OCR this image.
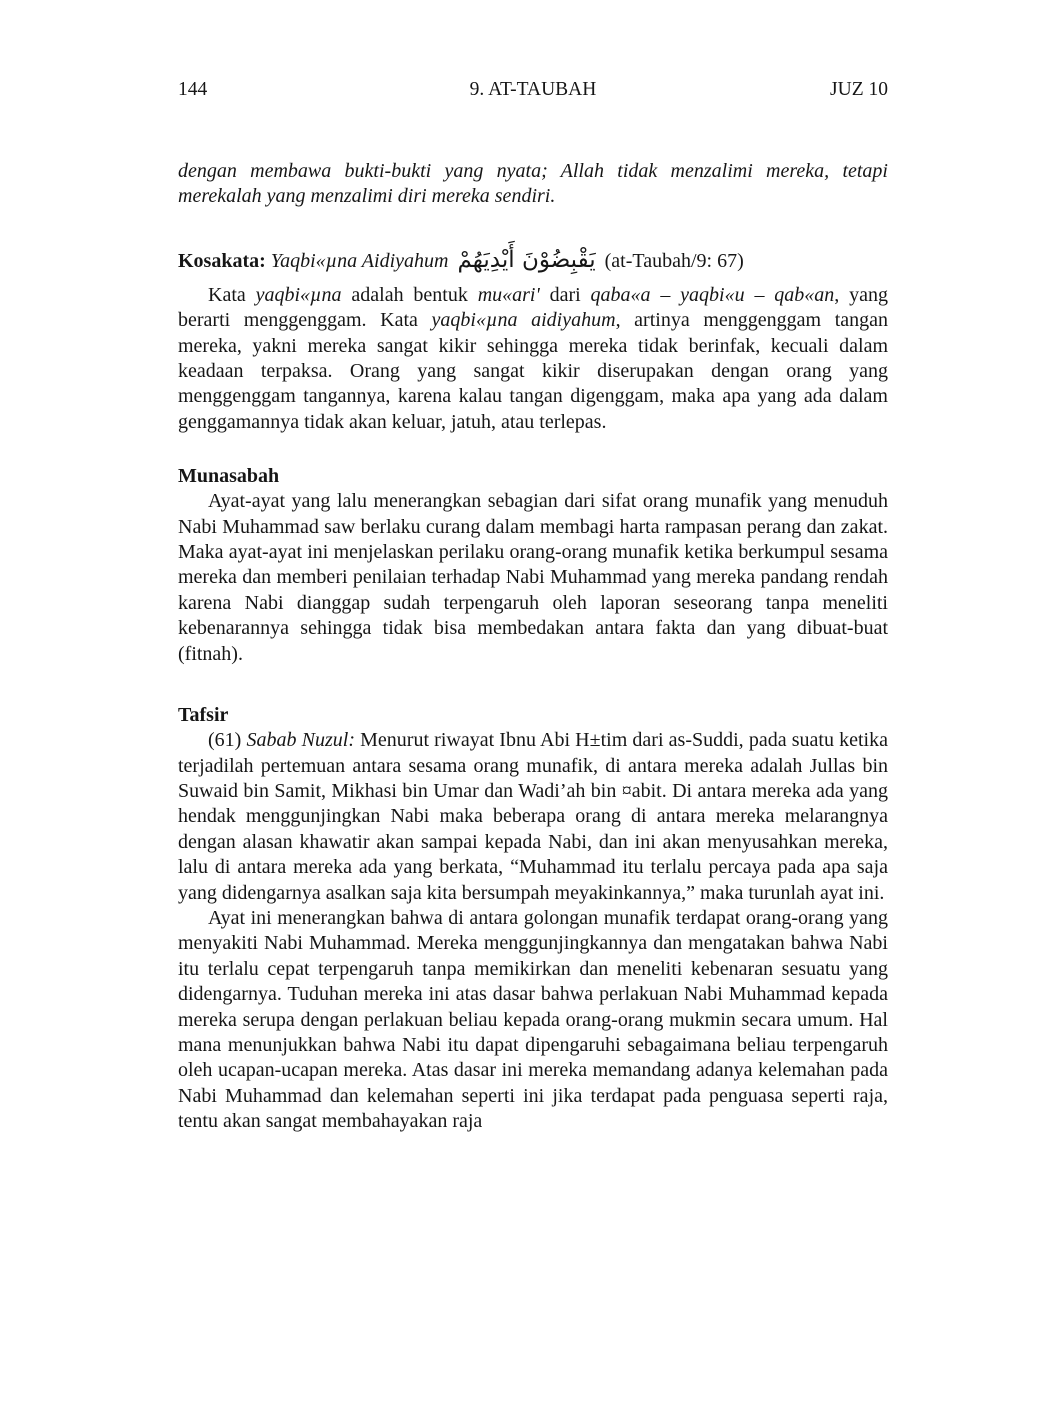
144	9. AT-TAUBAH	JUZ 10

dengan membawa bukti-bukti yang nyata; Allah tidak menzalimi mereka, tetapi merekalah yang menzalimi diri mereka sendiri.

Kosakata: Yaqbi«µna Aidiyahum يَقْبِضُوْنَ أَيْدِيَهُمْ (at-Taubah/9: 67)

Kata yaqbi«µna adalah bentuk mu«ari' dari qaba«a – yaqbi«u – qab«an, yang berarti menggenggam. Kata yaqbi«µna aidiyahum, artinya menggenggam tangan mereka, yakni mereka sangat kikir sehingga mereka tidak berinfak, kecuali dalam keadaan terpaksa. Orang yang sangat kikir diserupakan dengan orang yang menggenggam tangannya, karena kalau tangan digenggam, maka apa yang ada dalam genggamannya tidak akan keluar, jatuh, atau terlepas.

Munasabah

Ayat-ayat yang lalu menerangkan sebagian dari sifat orang munafik yang menuduh Nabi Muhammad saw berlaku curang dalam membagi harta rampasan perang dan zakat. Maka ayat-ayat ini menjelaskan perilaku orang-orang munafik ketika berkumpul sesama mereka dan memberi penilaian terhadap Nabi Muhammad yang mereka pandang rendah karena Nabi dianggap sudah terpengaruh oleh laporan seseorang tanpa meneliti kebenarannya sehingga tidak bisa membedakan antara fakta dan yang dibuat-buat (fitnah).

Tafsir

(61) Sabab Nuzul: Menurut riwayat Ibnu Abi H±tim dari as-Suddi, pada suatu ketika terjadilah pertemuan antara sesama orang munafik, di antara mereka adalah Jullas bin Suwaid bin Samit, Mikhasi bin Umar dan Wadi’ah bin ¤abit. Di antara mereka ada yang hendak menggunjingkan Nabi maka beberapa orang di antara mereka melarangnya dengan alasan khawatir akan sampai kepada Nabi, dan ini akan menyusahkan mereka, lalu di antara mereka ada yang berkata, “Muhammad itu terlalu percaya pada apa saja yang didengarnya asalkan saja kita bersumpah meyakinkannya,” maka turunlah ayat ini.

Ayat ini menerangkan bahwa di antara golongan munafik terdapat orang-orang yang menyakiti Nabi Muhammad. Mereka menggunjingkannya dan mengatakan bahwa Nabi itu terlalu cepat terpengaruh tanpa memikirkan dan meneliti kebenaran sesuatu yang didengarnya. Tuduhan mereka ini atas dasar bahwa perlakuan Nabi Muhammad kepada mereka serupa dengan perlakuan beliau kepada orang-orang mukmin secara umum. Hal mana menunjukkan bahwa Nabi itu dapat dipengaruhi sebagaimana beliau terpengaruh oleh ucapan-ucapan mereka. Atas dasar ini mereka memandang adanya kelemahan pada Nabi Muhammad dan kelemahan seperti ini jika terdapat pada penguasa seperti raja, tentu akan sangat membahayakan raja
